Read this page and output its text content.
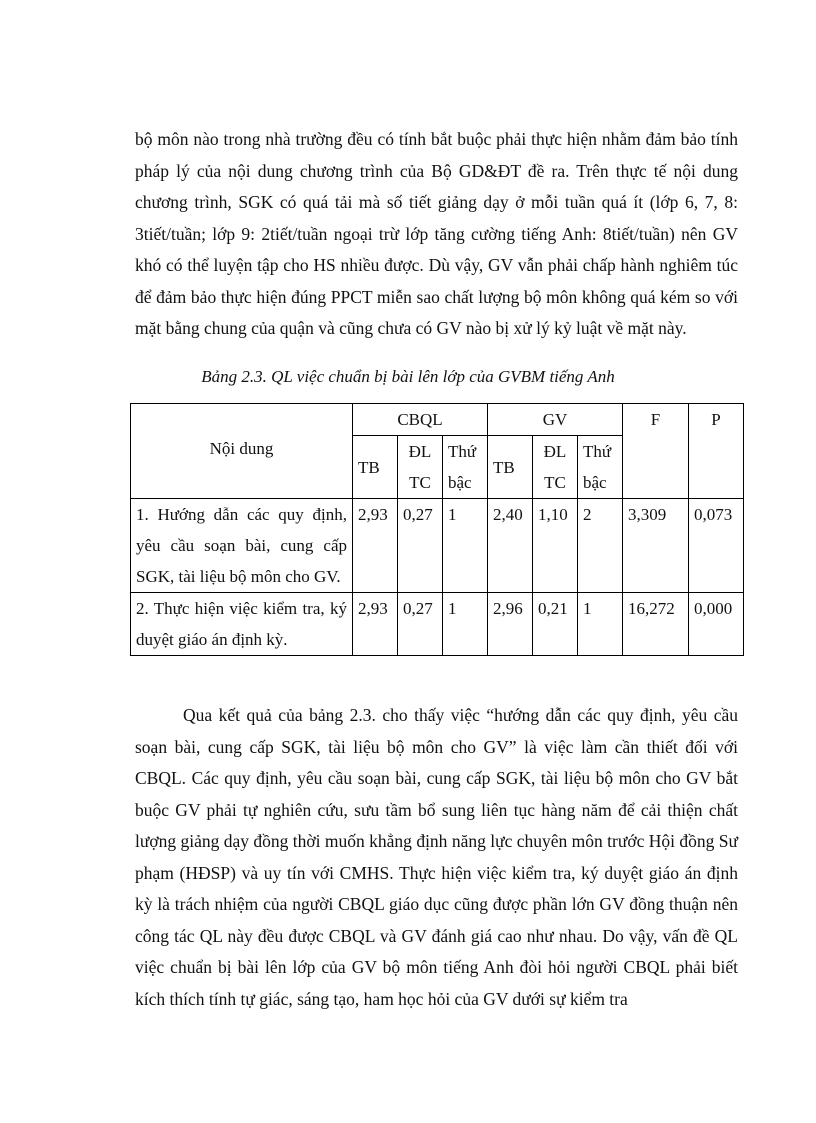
bộ môn nào trong nhà trường đều có tính bắt buộc phải thực hiện nhằm đảm bảo tính pháp lý của nội dung chương trình của Bộ GD&ĐT đề ra. Trên thực tế nội dung chương trình, SGK có quá tải mà số tiết giảng dạy ở mỗi tuần quá ít (lớp 6, 7, 8: 3tiết/tuần; lớp 9: 2tiết/tuần ngoại trừ lớp tăng cường tiếng Anh: 8tiết/tuần) nên GV khó có thể luyện tập cho HS nhiều được. Dù vậy, GV vẫn phải chấp hành nghiêm túc để đảm bảo thực hiện đúng PPCT miễn sao chất lượng bộ môn không quá kém so với mặt bằng chung của quận và cũng chưa có GV nào bị xử lý kỷ luật về mặt này.

Bảng 2.3. QL việc chuẩn bị bài lên lớp của GVBM tiếng Anh

Nội dung	CBQL			GV			F	P
	TB	ĐL TC	Thứ bậc	TB	ĐL TC	Thứ bậc		
1. Hướng dẫn các quy định, yêu cầu soạn bài, cung cấp SGK, tài liệu bộ môn cho GV.	2,93	0,27	1	2,40	1,10	2	3,309	0,073
2. Thực hiện việc kiểm tra, ký duyệt giáo án định kỳ.	2,93	0,27	1	2,96	0,21	1	16,272	0,000

Qua kết quả của bảng 2.3. cho thấy việc “hướng dẫn các quy định, yêu cầu soạn bài, cung cấp SGK, tài liệu bộ môn cho GV” là việc làm cần thiết đối với CBQL. Các quy định, yêu cầu soạn bài, cung cấp SGK, tài liệu bộ môn cho GV bắt buộc GV phải tự nghiên cứu, sưu tầm bổ sung liên tục hàng năm để cải thiện chất lượng giảng dạy đồng thời muốn khẳng định năng lực chuyên môn trước Hội đồng Sư phạm (HĐSP) và uy tín với CMHS. Thực hiện việc kiểm tra, ký duyệt giáo án định kỳ là trách nhiệm của người CBQL giáo dục cũng được phần lớn GV đồng thuận nên công tác QL này đều được CBQL và GV đánh giá cao như nhau. Do vậy, vấn đề QL việc chuẩn bị bài lên lớp của GV bộ môn tiếng Anh đòi hỏi người CBQL phải biết kích thích tính tự giác, sáng tạo, ham học hỏi của GV dưới sự kiểm tra
